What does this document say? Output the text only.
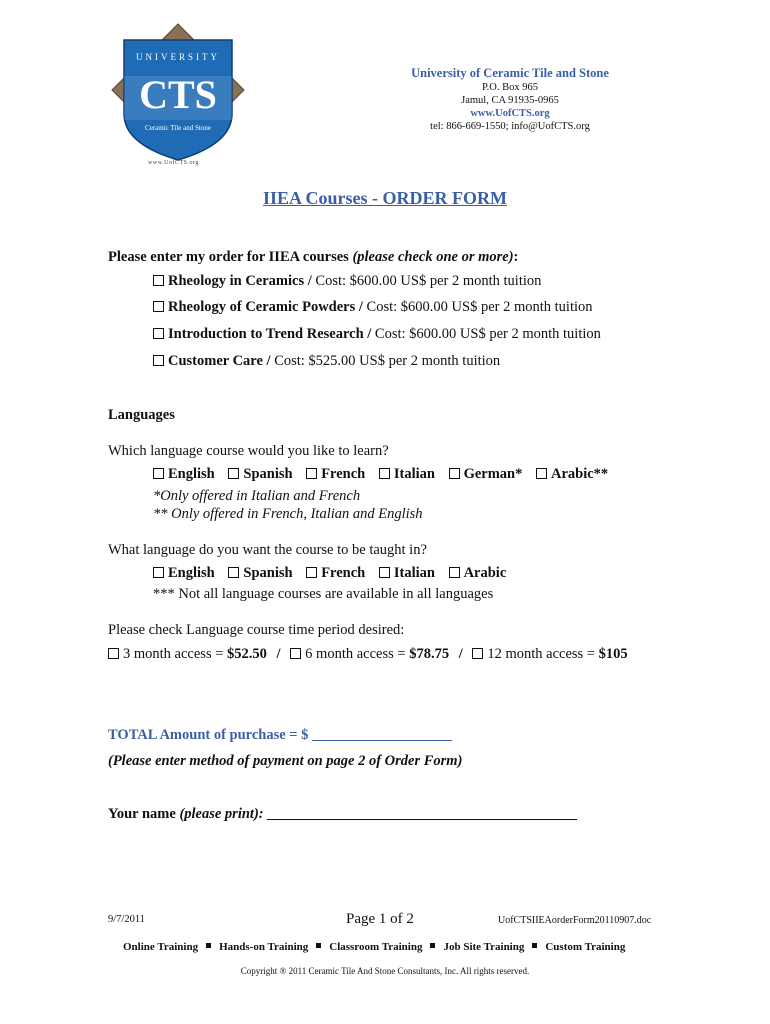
UNIVERSITY
CTS
Ceramic Tile and Stone
www.UofCTS.org
University of Ceramic Tile and Stone
P.O. Box 965
Jamul, CA 91935-0965
www.UofCTS.org
tel: 866-669-1550; info@UofCTS.org
IIEA Courses - ORDER FORM
Please enter my order for IIEA courses (please check one or more):
Rheology in Ceramics / Cost: $600.00 US$ per 2 month tuition
Rheology of Ceramic Powders / Cost: $600.00 US$ per 2 month tuition
Introduction to Trend Research / Cost: $600.00 US$ per 2 month tuition
Customer Care / Cost: $525.00 US$ per 2 month tuition
Languages
Which language course would you like to learn?
English Spanish French Italian German* Arabic**
*Only offered in Italian and French
** Only offered in French, Italian and English
What language do you want the course to be taught in?
English Spanish French Italian Arabic
*** Not all language courses are available in all languages
Please check Language course time period desired:
3 month access = $52.50 / 6 month access = $78.75 / 12 month access = $105
TOTAL Amount of purchase = $
(Please enter method of payment on page 2 of Order Form)
Your name (please print):
9/7/2011	Page 1 of 2	UofCTSIIEAorderForm20110907.doc
Online Training Hands-on Training Classroom Training Job Site Training Custom Training
Copyright ® 2011 Ceramic Tile And Stone Consultants, Inc. All rights reserved.
